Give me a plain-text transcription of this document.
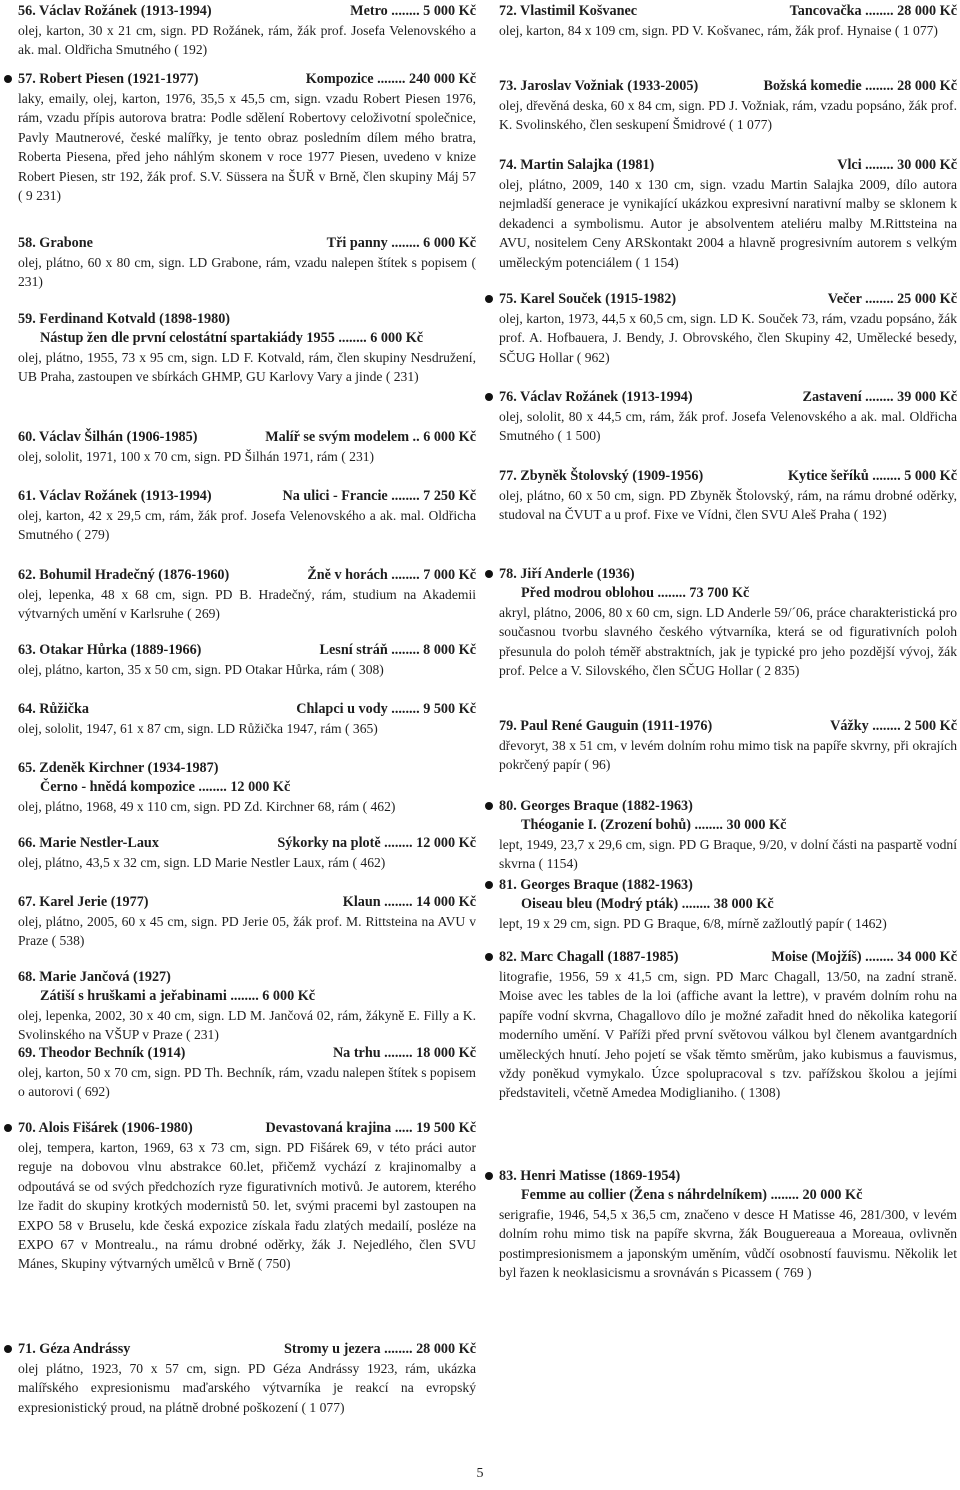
56. Václav Rožánek (1913-1994)	Metro ........ 5 000 Kč
olej, karton, 30 x 21 cm, sign. PD Rožánek, rám, žák prof. Josefa Velenovského a ak. mal. Oldřicha Smutného ( 192)
57. Robert Piesen (1921-1977)	Kompozice ........ 240 000 Kč
laky, emaily, olej, karton, 1976, 35,5 x 45,5 cm, sign. vzadu Robert Piesen 1976, rám, vzadu přípis autorova bratra: Podle sdělení Robertovy celoživotní společnice, Pavly Mautnerové, české malířky, je tento obraz posledním dílem mého bratra, Roberta Piesena, před jeho náhlým skonem v roce 1977 Piesen, uvedeno v knize Robert Piesen, str 192, žák prof. S.V. Süssera na ŠUŘ v Brně, člen skupiny Máj 57 ( 9 231)
58. Grabone	Tři panny ........ 6 000 Kč
olej, plátno, 60 x 80 cm, sign. LD Grabone, rám, vzadu nalepen štítek s popisem ( 231)
59. Ferdinand Kotvald (1898-1980)
Nástup žen dle první celostátní spartakiády 1955 ........ 6 000 Kč
olej, plátno, 1955, 73 x 95 cm, sign. LD F. Kotvald, rám, člen skupiny Nesdružení, UB Praha, zastoupen ve sbírkách GHMP, GU Karlovy Vary a jinde ( 231)
60. Václav Šilhán (1906-1985)	Malíř se svým modelem .. 6 000 Kč
olej, sololit, 1971, 100 x 70 cm, sign. PD Šilhán 1971, rám ( 231)
61. Václav Rožánek (1913-1994)	Na ulici - Francie ........ 7 250 Kč
olej, karton, 42 x 29,5 cm, rám, žák prof. Josefa Velenovského a ak. mal. Oldřicha Smutného ( 279)
62. Bohumil Hradečný (1876-1960)	Žně v horách ........ 7 000 Kč
olej, lepenka, 48 x 68 cm, sign. PD B. Hradečný, rám, studium na Akademii výtvarných umění v Karlsruhe ( 269)
63. Otakar Hůrka (1889-1966)	Lesní stráň ........ 8 000 Kč
olej, plátno, karton, 35 x 50 cm, sign. PD Otakar Hůrka, rám ( 308)
64. Růžička	Chlapci u vody ........ 9 500 Kč
olej, sololit, 1947, 61 x 87 cm, sign. LD Růžička 1947, rám ( 365)
65. Zdeněk Kirchner (1934-1987)
Černo - hnědá kompozice ........ 12 000 Kč
olej, plátno, 1968, 49 x 110 cm, sign. PD Zd. Kirchner 68, rám ( 462)
66. Marie Nestler-Laux	Sýkorky na plotě ........ 12 000 Kč
olej, plátno, 43,5 x 32 cm, sign. LD Marie Nestler Laux, rám ( 462)
67. Karel Jerie (1977)	Klaun ........ 14 000 Kč
olej, plátno, 2005, 60 x 45 cm, sign. PD Jerie 05, žák prof. M. Rittsteina na AVU v Praze ( 538)
68. Marie Jančová (1927)
Zátiší s hruškami a jeřabinami ........ 6 000 Kč
olej, lepenka, 2002, 30 x 40 cm, sign. LD M. Jančová 02, rám, žákyně E. Filly a K. Svolinského na VŠUP v Praze ( 231)
69. Theodor Bechník (1914)	Na trhu ........ 18 000 Kč
olej, karton, 50 x 70 cm, sign. PD Th. Bechník, rám, vzadu nalepen štítek s popisem o autorovi ( 692)
70. Alois Fišárek (1906-1980)	Devastovaná krajina ..... 19 500 Kč
olej, tempera, karton, 1969, 63 x 73 cm, sign. PD Fišárek 69, v této práci autor reguje na dobovou vlnu abstrakce 60.let, přičemž vychází z krajinomalby a odpoutává se od svých předchozích ryze figurativních motivů. Je autorem, kterého lze řadit do skupiny krotkých modernistů 50. let, svými pracemi byl zastoupen na EXPO 58 v Bruselu, kde česká expozice získala řadu zlatých medailí, posléze na EXPO 67 v Montrealu., na rámu drobné oděrky, žák J. Nejedlého, člen SVU Mánes, Skupiny výtvarných umělců v Brně ( 750)
71. Géza Andrássy	Stromy u jezera ........ 28 000 Kč
olej plátno, 1923, 70 x 57 cm, sign. PD Géza Andrássy 1923, rám, ukázka malířského expresionismu maďarského výtvarníka je reakcí na evropský expresionistický proud, na plátně drobné poškození ( 1 077)
72. Vlastimil Košvanec	Tancovačka ........ 28 000 Kč
olej, karton, 84 x 109 cm, sign. PD V. Košvanec, rám, žák prof. Hynaise ( 1 077)
73. Jaroslav Vožniak (1933-2005)	Božská komedie ........ 28 000 Kč
olej, dřevěná deska, 60 x 84 cm, sign. PD J. Vožniak, rám, vzadu popsáno, žák prof. K. Svolinského, člen seskupení Šmidrové ( 1 077)
74. Martin Salajka (1981)	Vlci ........ 30 000 Kč
olej, plátno, 2009, 140 x 130 cm, sign. vzadu Martin Salajka 2009, dílo autora nejmladší generace je vynikající ukázkou expresivní narativní malby se sklonem k dekadenci a symbolismu. Autor je absolventem ateliéru malby M.Rittsteina na AVU, nositelem Ceny ARSkontakt 2004 a hlavně progresivním autorem s velkým uměleckým potenciálem ( 1 154)
75. Karel Souček (1915-1982)	Večer ........ 25 000 Kč
olej, karton, 1973, 44,5 x 60,5 cm, sign. LD K. Souček 73, rám, vzadu popsáno, žák prof. A. Hofbauera, J. Bendy, J. Obrovského, člen Skupiny 42, Umělecké besedy, SČUG Hollar ( 962)
76. Václav Rožánek (1913-1994)	Zastavení ........ 39 000 Kč
olej, sololit, 80 x 44,5 cm, rám, žák prof. Josefa Velenovského a ak. mal. Oldřicha Smutného ( 1 500)
77. Zbyněk Štolovský (1909-1956)	Kytice šeříků ........ 5 000 Kč
olej, plátno, 60 x 50 cm, sign. PD Zbyněk Štolovský, rám, na rámu drobné oděrky, studoval na ČVUT a u prof. Fixe ve Vídni, člen SVU Aleš Praha ( 192)
78. Jiří Anderle (1936)
Před modrou oblohou ........ 73 700 Kč
akryl, plátno, 2006, 80 x 60 cm, sign. LD Anderle 59/´06, práce charakteristická pro současnou tvorbu slavného českého výtvarníka, která se od figurativních poloh přesunula do poloh téměř abstraktních, jak je typické pro jeho pozdější vývoj, žák prof. Pelce a V. Silovského, člen SČUG Hollar ( 2 835)
79. Paul René Gauguin (1911-1976)	Vážky ........ 2 500 Kč
dřevoryt, 38 x 51 cm, v levém dolním rohu mimo tisk na papíře skvrny, při okrajích pokrčený papír ( 96)
80. Georges Braque (1882-1963)
Théoganie I. (Zrození bohů) ........ 30 000 Kč
lept, 1949, 23,7 x 29,6 cm, sign. PD G Braque, 9/20, v dolní části na paspartě vodní skvrna ( 1154)
81. Georges Braque (1882-1963)
Oiseau bleu (Modrý pták) ........ 38 000 Kč
lept, 19 x 29 cm, sign. PD G Braque, 6/8, mírně zažloutlý papír ( 1462)
82. Marc Chagall (1887-1985)	Moise (Mojžíš) ........ 34 000 Kč
litografie, 1956, 59 x 41,5 cm, sign. PD Marc Chagall, 13/50, na zadní straně. Moise avec les tables de la loi (affiche avant la lettre), v pravém dolním rohu na papíře vodní skvrna, Chagallovo dílo je možné zařadit hned do několika kategorií moderního umění. V Paříži před první světovou válkou byl členem avantgardních uměleckých hnutí. Jeho pojetí se však těmto směrům, jako kubismus a fauvismus, vždy poněkud vymykalo. Úzce spolupracoval s tzv. pařížskou školou a jejími představiteli, včetně Amedea Modiglianiho. ( 1308)
83. Henri Matisse (1869-1954)
Femme au collier (Žena s náhrdelníkem) ........ 20 000 Kč
serigrafie, 1946, 54,5 x 36,5 cm, značeno v desce H Matisse 46, 281/300, v levém dolním rohu mimo tisk na papíře skvrna, žák Bouguereaua a Moreaua, ovlivněn postimpresionismem a japonským uměním, vůdčí osobností fauvismu. Několik let byl řazen k neoklasicismu a srovnáván s Picassem ( 769 )
5
